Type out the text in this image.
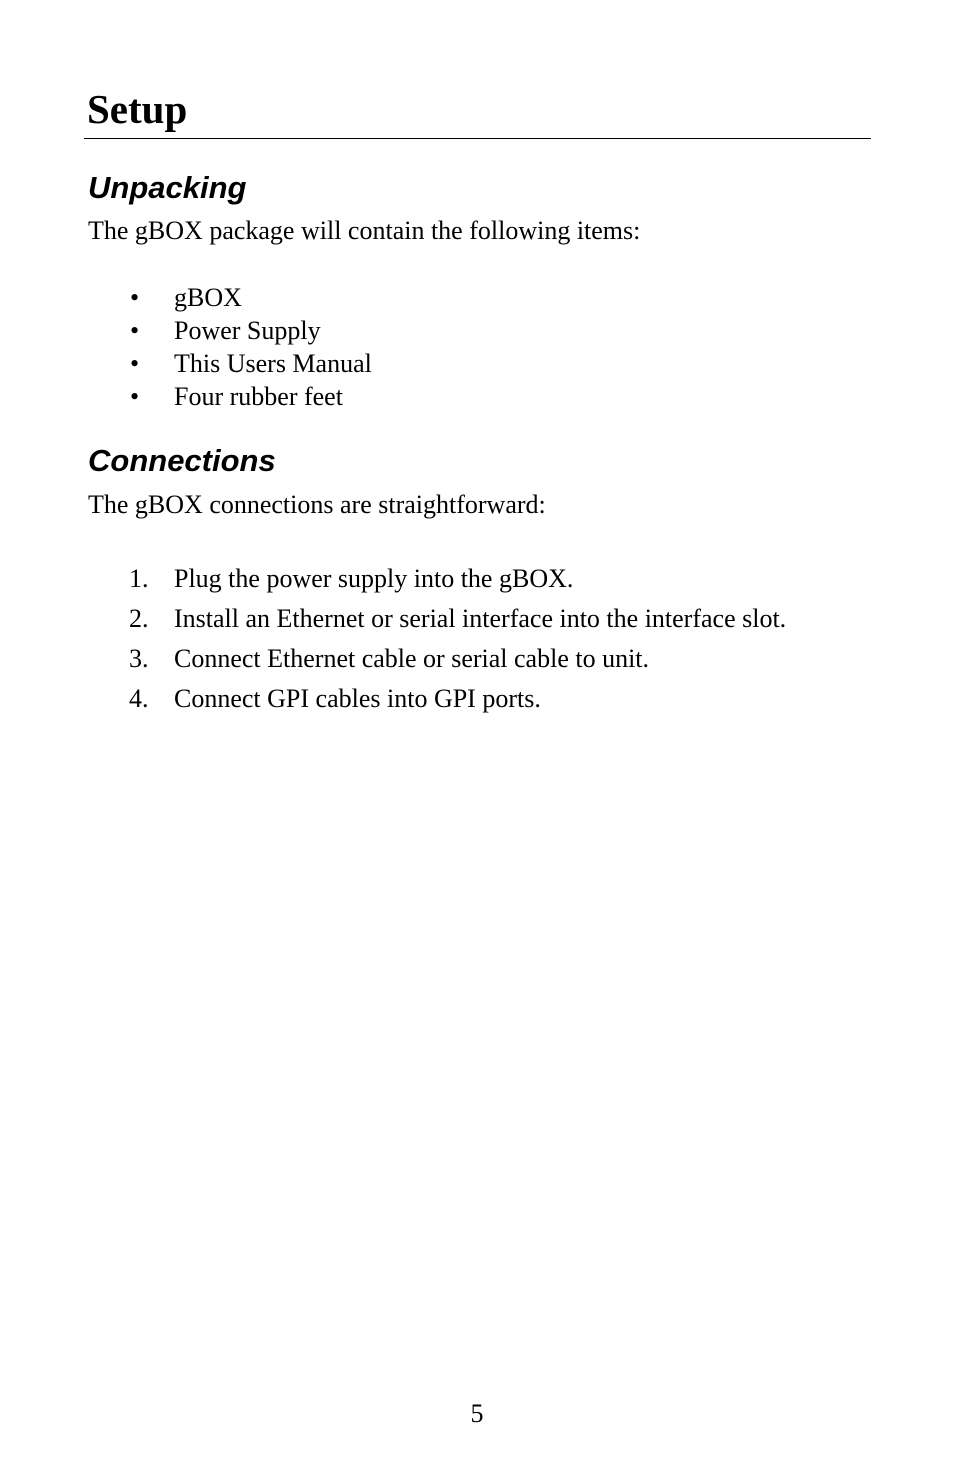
Setup
Unpacking

The gBOX package will contain the following items:

• gBOX
• Power Supply
• This Users Manual
• Four rubber feet
Connections

The gBOX connections are straightforward:

1. Plug the power supply into the gBOX.
2. Install an Ethernet or serial interface into the interface slot.
3. Connect Ethernet cable or serial cable to unit.
4. Connect GPI cables into GPI ports.
5
